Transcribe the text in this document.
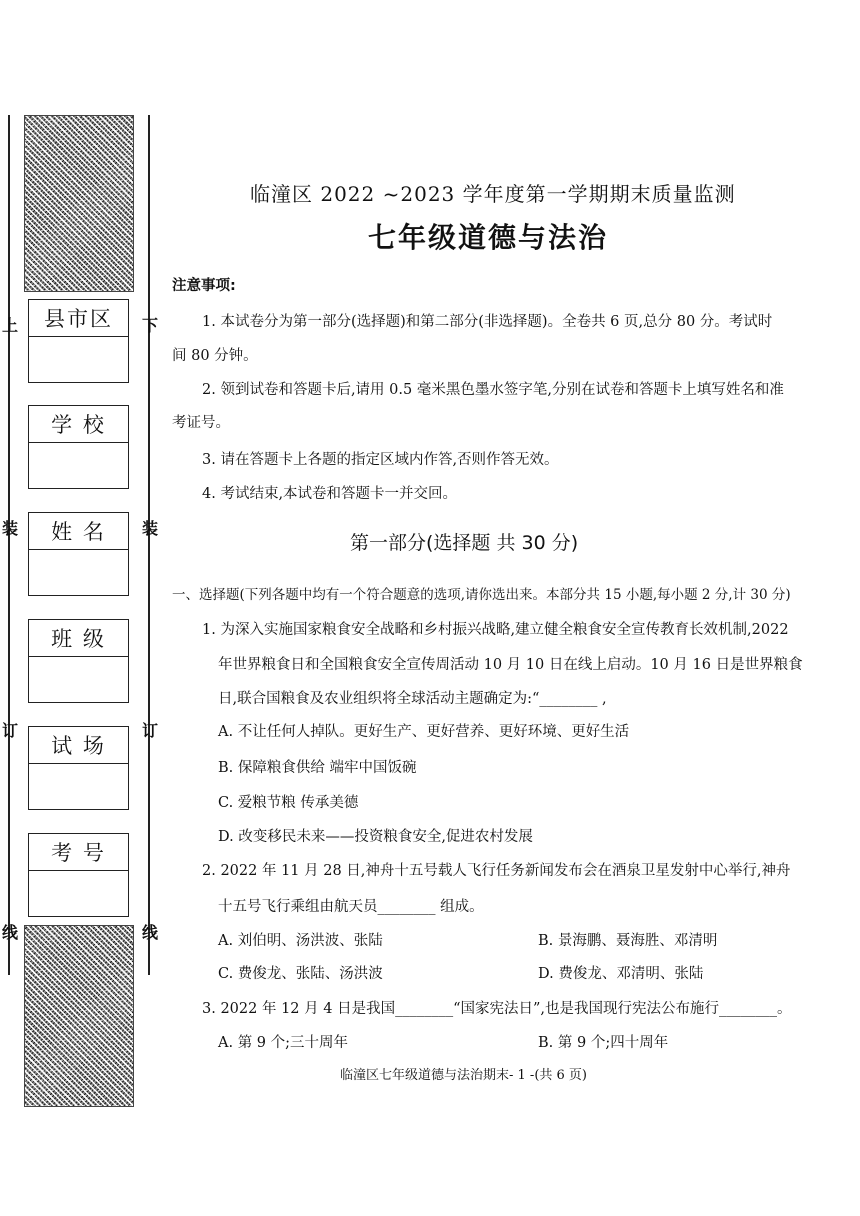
上	下
装	装
订	订
线	线
县市区
学 校
姓 名
班 级
试 场
考 号
临潼区 2022 ~2023 学年度第一学期期末质量监测
七年级道德与法治
注意事项:
1. 本试卷分为第一部分(选择题)和第二部分(非选择题)。全卷共 6 页,总分 80 分。考试时
间 80 分钟。
2. 领到试卷和答题卡后,请用 0.5 毫米黑色墨水签字笔,分别在试卷和答题卡上填写姓名和准
考证号。
3. 请在答题卡上各题的指定区域内作答,否则作答无效。
4. 考试结束,本试卷和答题卡一并交回。
第一部分(选择题 共 30 分)
一、选择题(下列各题中均有一个符合题意的选项,请你选出来。本部分共 15 小题,每小题 2 分,计 30 分)
1. 为深入实施国家粮食安全战略和乡村振兴战略,建立健全粮食安全宣传教育长效机制,2022
年世界粮食日和全国粮食安全宣传周活动 10 月 10 日在线上启动。10 月 16 日是世界粮食
日,联合国粮食及农业组织将全球活动主题确定为:“________ ,
A. 不让任何人掉队。更好生产、更好营养、更好环境、更好生活
B. 保障粮食供给 端牢中国饭碗
C. 爱粮节粮 传承美德
D. 改变移民未来——投资粮食安全,促进农村发展
2. 2022 年 11 月 28 日,神舟十五号载人飞行任务新闻发布会在酒泉卫星发射中心举行,神舟
十五号飞行乘组由航天员________ 组成。
A. 刘伯明、汤洪波、张陆	B. 景海鹏、聂海胜、邓清明
C. 费俊龙、张陆、汤洪波	D. 费俊龙、邓清明、张陆
3. 2022 年 12 月 4 日是我国________“国家宪法日”,也是我国现行宪法公布施行________。
A. 第 9 个;三十周年	B. 第 9 个;四十周年
临潼区七年级道德与法治期末- 1 -(共 6 页)
